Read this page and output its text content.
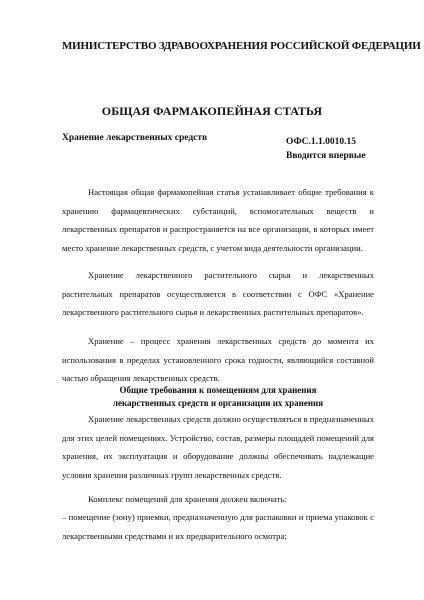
МИНИСТЕРСТВО ЗДРАВООХРАНЕНИЯ РОССИЙСКОЙ ФЕДЕРАЦИИ
ОБЩАЯ ФАРМАКОПЕЙНАЯ СТАТЬЯ
Хранение лекарственных средств	ОФС.1.1.0010.15
Вводится впервые

Настоящая общая фармакопейная статья устанавливает общие требования к хранению фармацевтических субстанций, вспомогательных веществ и лекарственных препаратов и распространяется на все организации, в которых имеет место хранение лекарственных средств, с учетом вида деятельности организации.

Хранение лекарственного растительного сырья и лекарственных растительных препаратов осуществляется в соответствии с ОФС «Хранение лекарственного растительного сырья и лекарственных растительных препаратов».

Хранение – процесс хранения лекарственных средств до момента их использования в пределах установленного срока годности, являющийся составной частью обращения лекарственных средств.

Общие требования к помещениям для хранения
лекарственных средств и организации их хранения

Хранение лекарственных средств должно осуществляться в предназначенных для этих целей помещениях. Устройство, состав, размеры площадей помещений для хранения, их эксплуатация и оборудование должны обеспечивать надлежащие условия хранения различных групп лекарственных средств.

Комплекс помещений для хранения должен включать:

– помещение (зону) приемки, предназначенную для распаковки и приема упаковок с лекарственными средствами и их предварительного осмотра;
